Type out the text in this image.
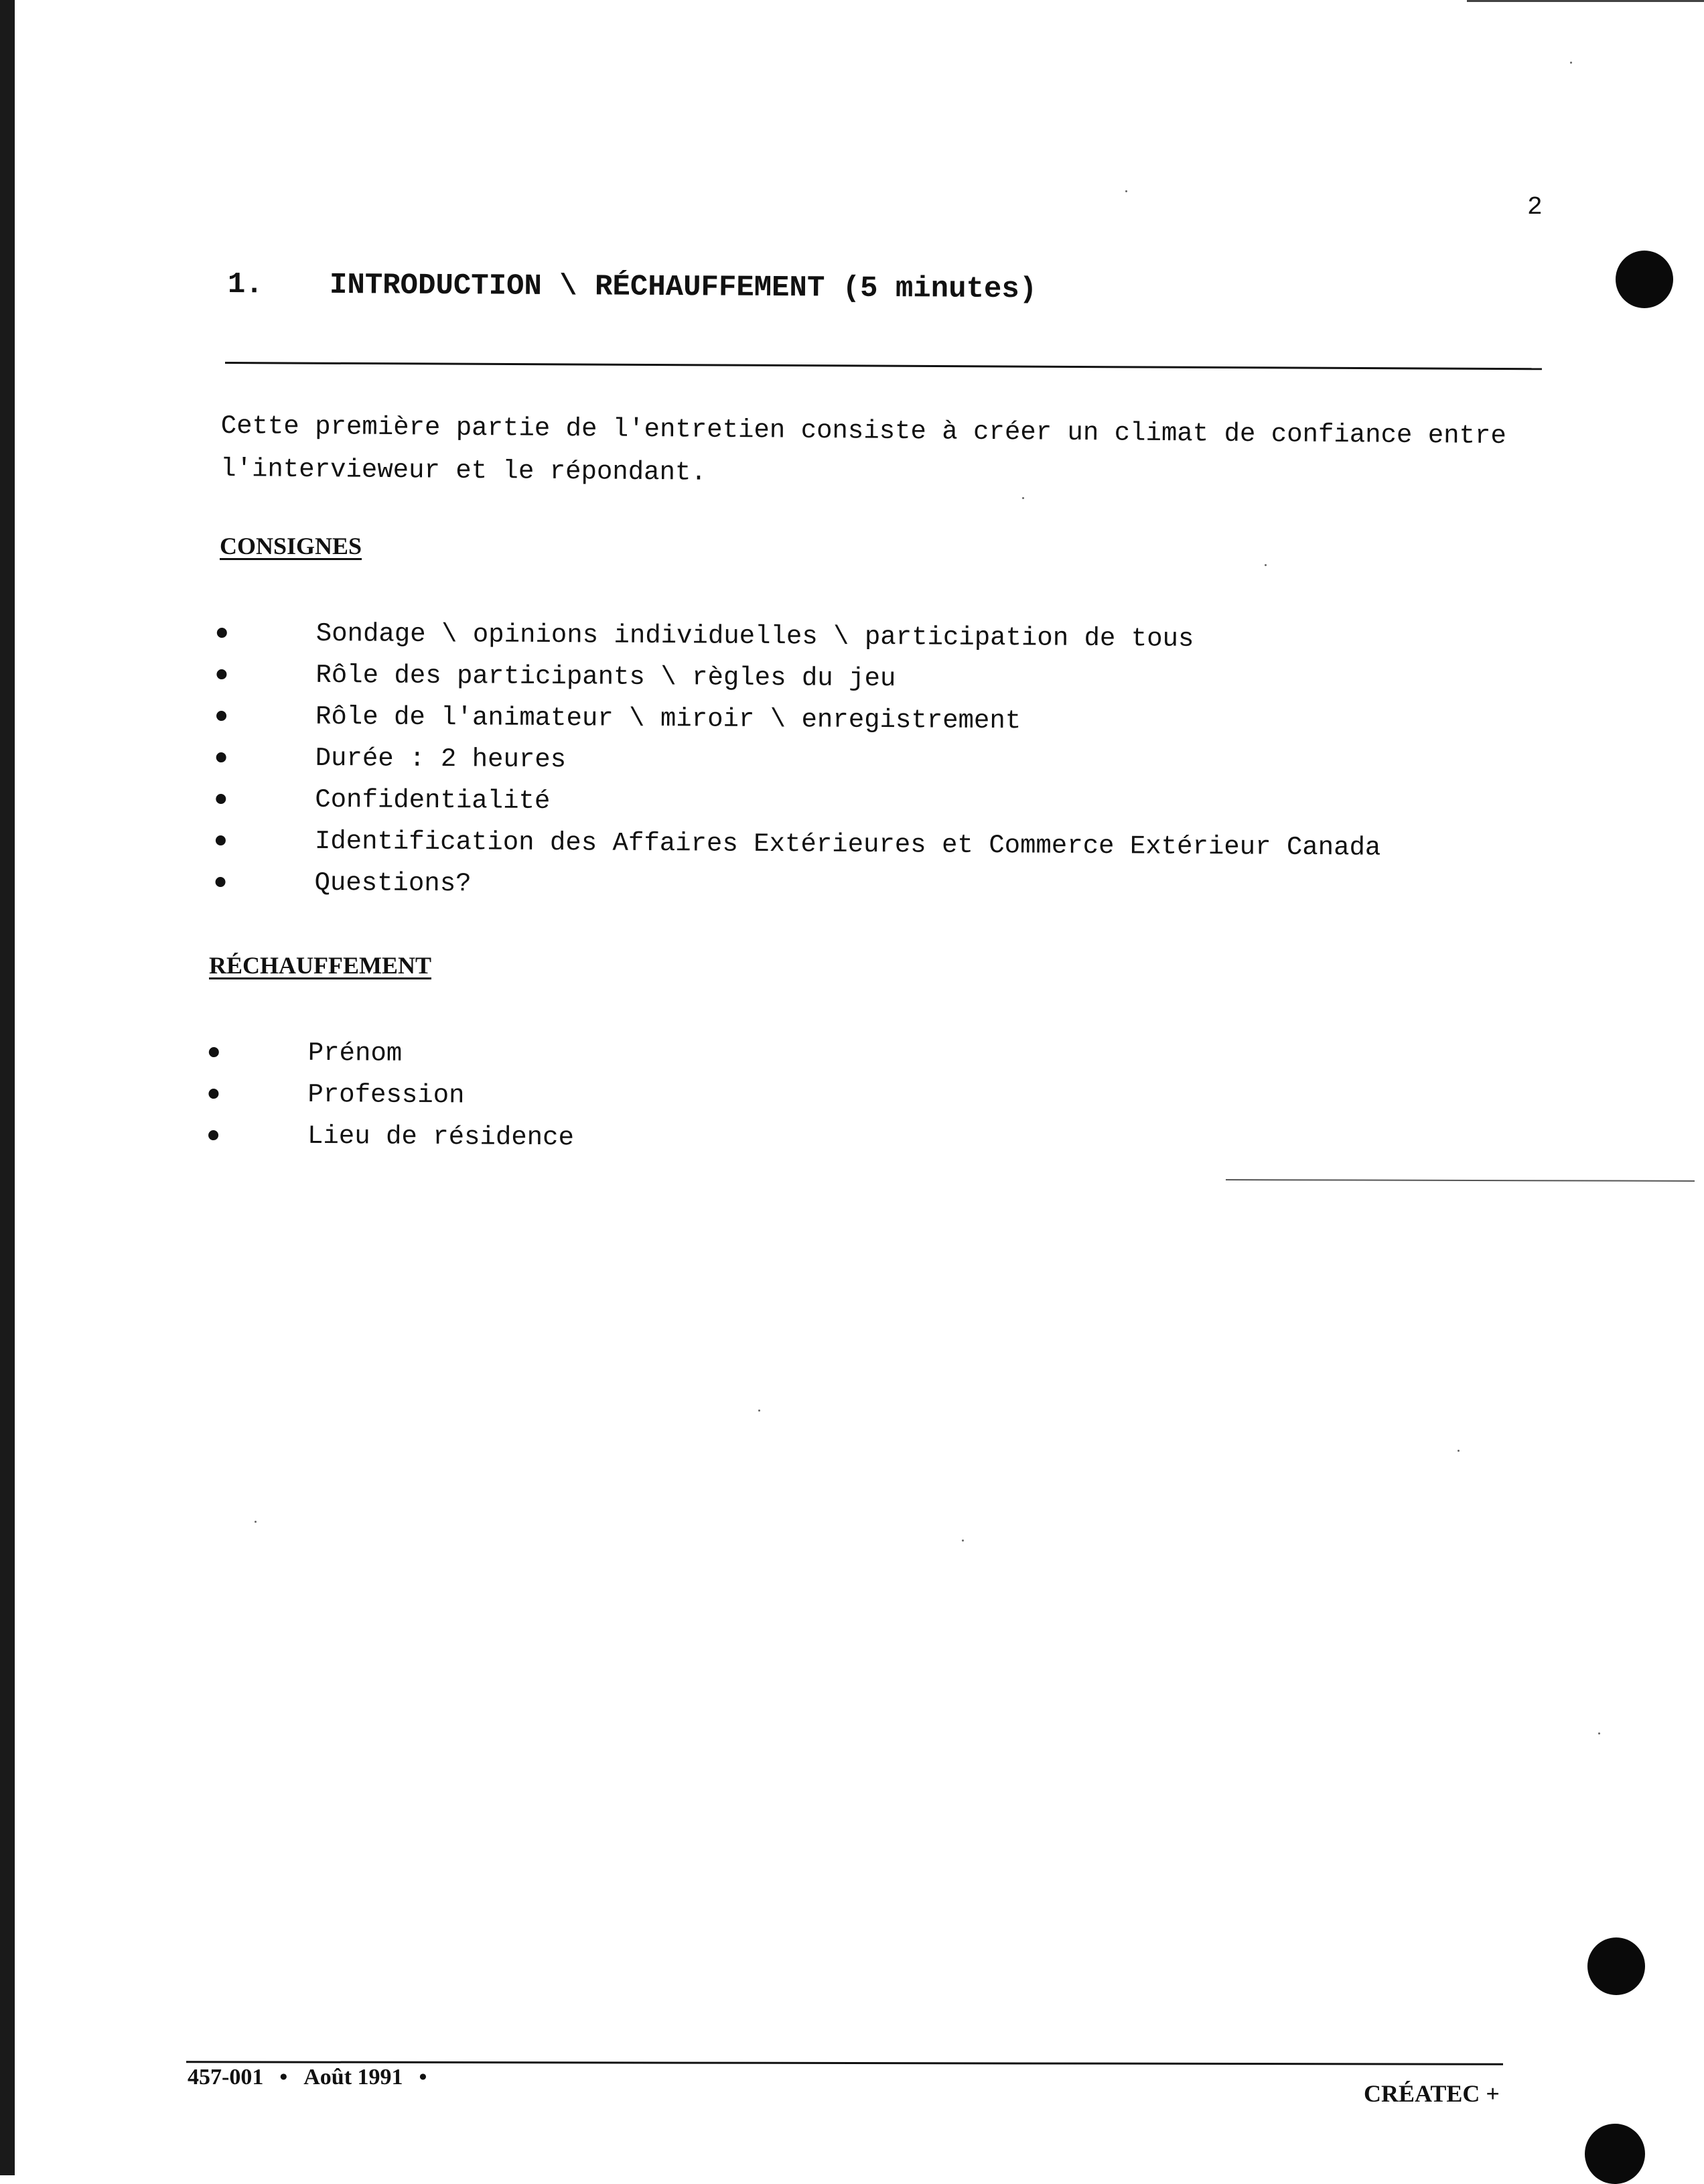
2
1. INTRODUCTION \ RÉCHAUFFEMENT (5 minutes)
Cette première partie de l'entretien consiste à créer un climat de confiance entre l'intervieweur et le répondant.
CONSIGNES
Sondage \ opinions individuelles \ participation de tous
Rôle des participants \ règles du jeu
Rôle de l'animateur \ miroir \ enregistrement
Durée : 2 heures
Confidentialité
Identification des Affaires Extérieures et Commerce Extérieur Canada
Questions?
RÉCHAUFFEMENT
Prénom
Profession
Lieu de résidence
457-001 • Août 1991 •
CRÉATEC +
